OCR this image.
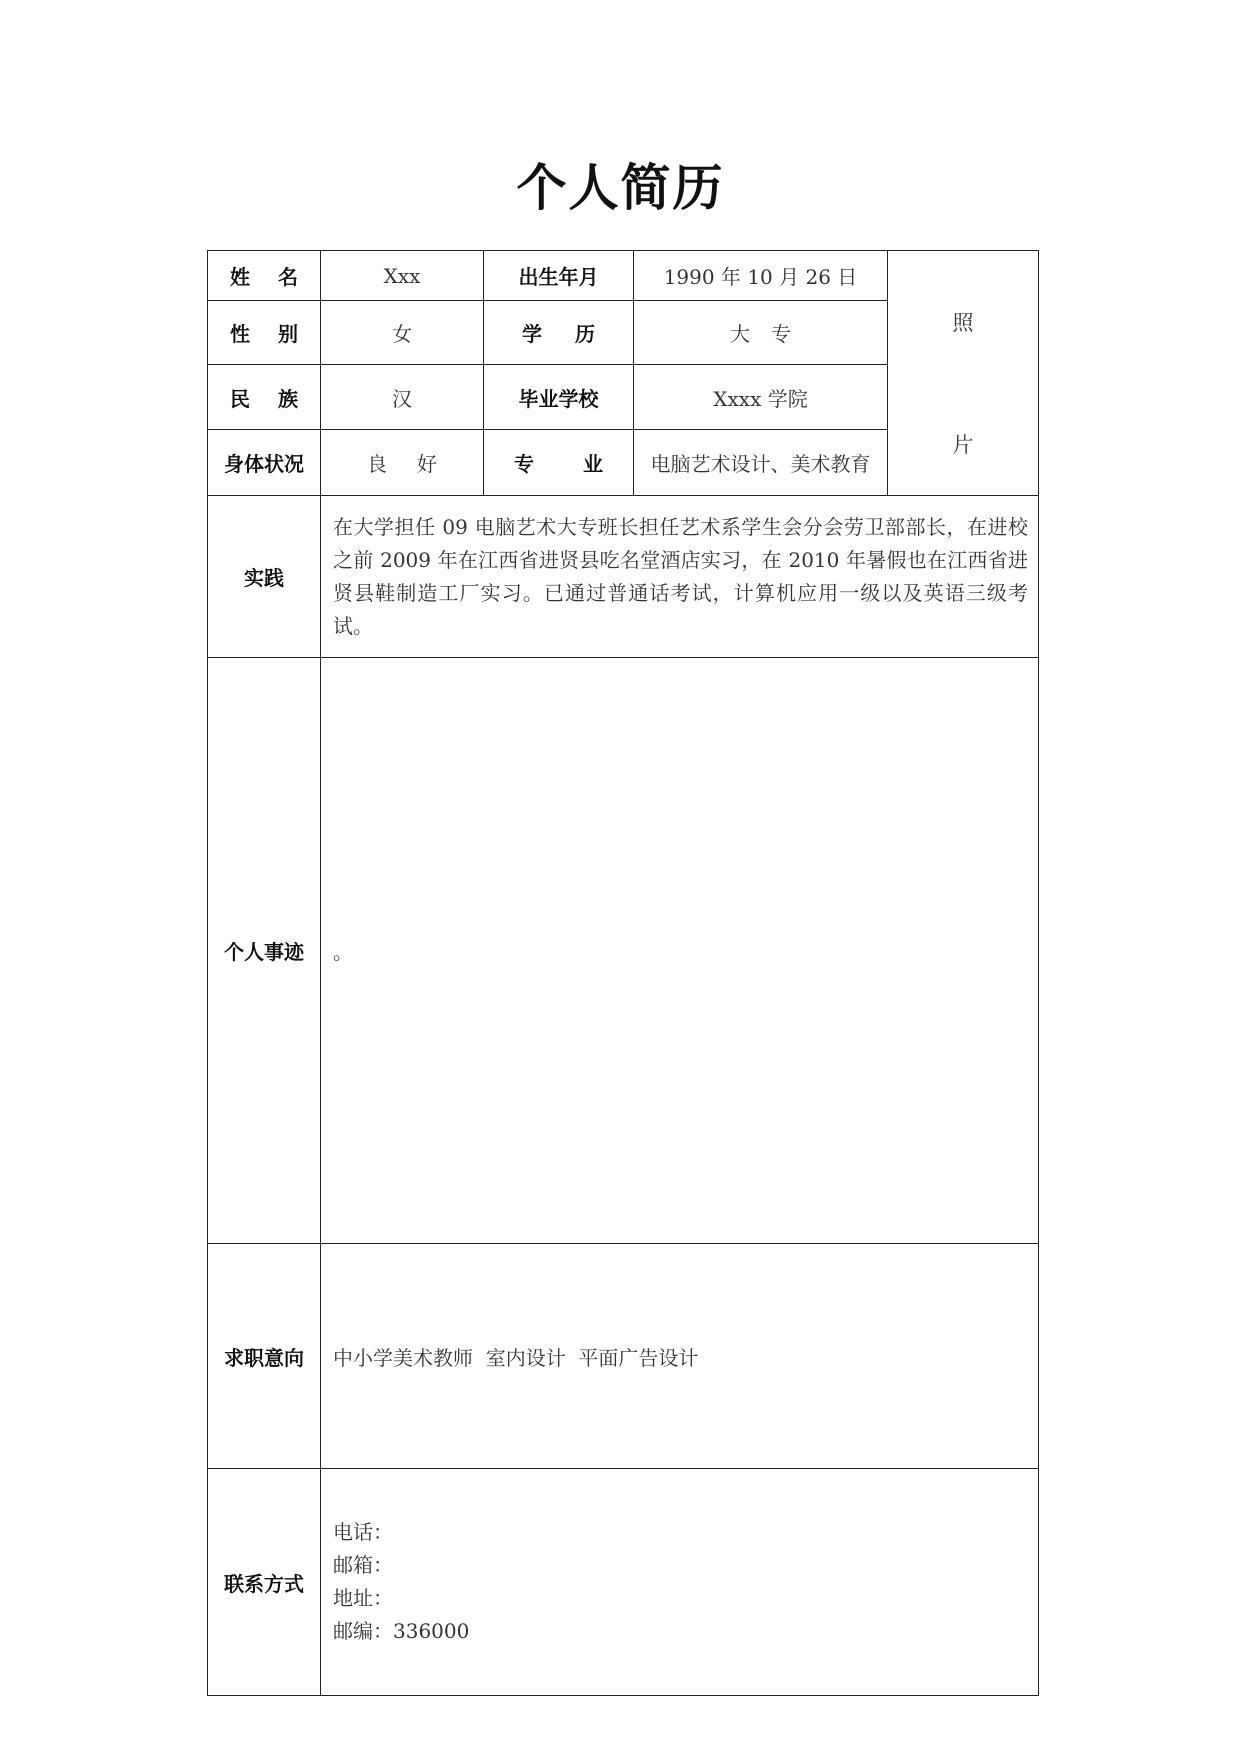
个人简历
姓名	Xxx	出生年月	1990 年 10 月 26 日	照
片

性别	女	学历	大专	
民族	汉	毕业学校	Xxxx 学院	
身体状况	良好	专业	电脑艺术设计、美术教育	
实践	在大学担任 09 电脑艺术大专班长担任艺术系学生会分会劳卫部部长，在进校之前 2009 年在江西省进贤县吃名堂酒店实习，在 2010 年暑假也在江西省进贤县鞋制造工厂实习。已通过普通话考试，计算机应用一级以及英语三级考试。			
个人事迹	。			
求职意向	中小学美术教师  室内设计  平面广告设计			
联系方式	电话：
邮箱：
地址：
邮编：336000			
